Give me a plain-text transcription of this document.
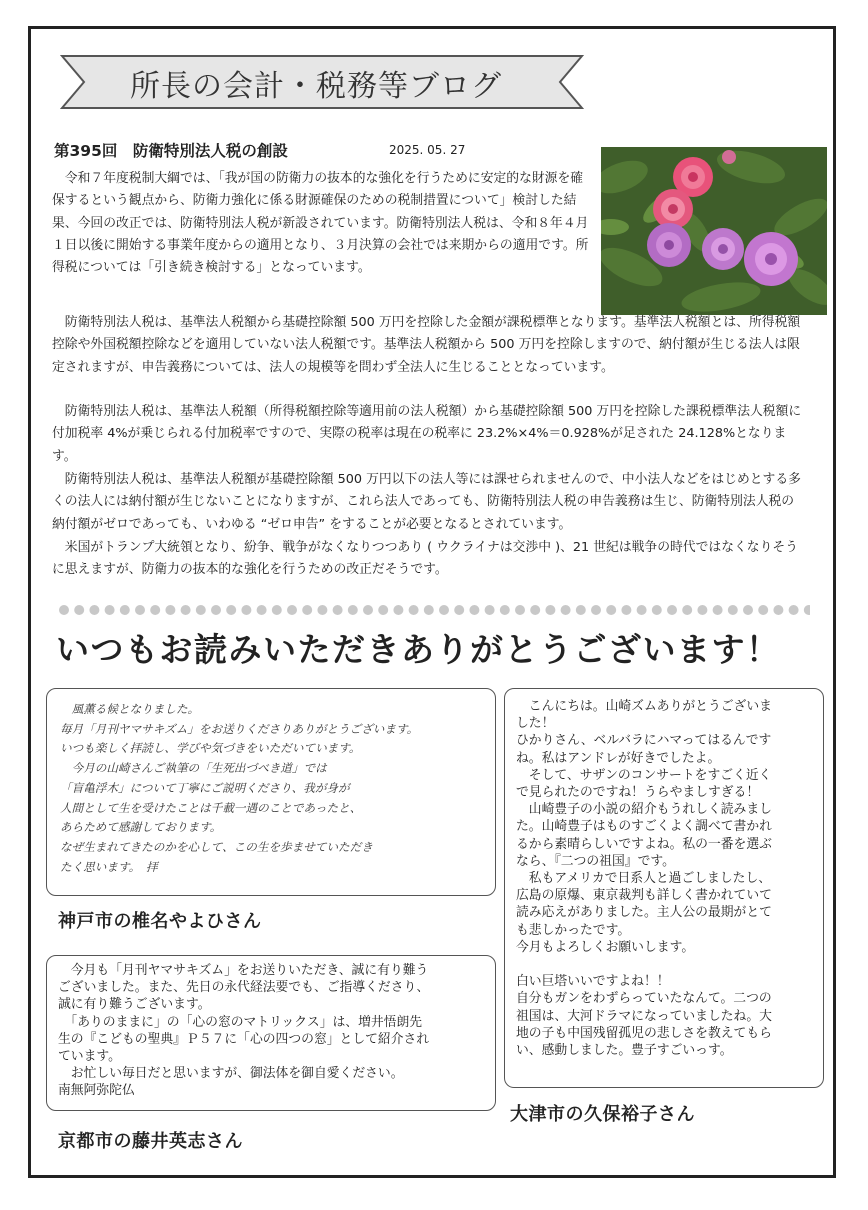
所長の会計・税務等ブログ
第395回　防衛特別法人税の創設	2025. 05. 27

令和７年度税制大綱では、「我が国の防衛力の抜本的な強化を行うために安定的な財源を確保するという観点から、防衛力強化に係る財源確保のための税制措置について」検討した結果、今回の改正では、防衛特別法人税が新設されています。防衛特別法人税は、令和８年４月１日以後に開始する事業年度からの適用となり、３月決算の会社では来期からの適用です。所得税については「引き続き検討する」となっています。

防衛特別法人税は、基準法人税額から基礎控除額 500 万円を控除した金額が課税標準となります。基準法人税額とは、所得税額控除や外国税額控除などを適用していない法人税額です。基準法人税額から 500 万円を控除しますので、納付額が生じる法人は限定されますが、申告義務については、法人の規模等を問わず全法人に生じることとなっています。

防衛特別法人税は、基準法人税額（所得税額控除等適用前の法人税額）から基礎控除額 500 万円を控除した課税標準法人税額に付加税率 4%が乗じられる付加税率ですので、実際の税率は現在の税率に 23.2%×4%＝0.928%が足された 24.128%となります。

防衛特別法人税は、基準法人税額が基礎控除額 500 万円以下の法人等には課せられませんので、中小法人などをはじめとする多くの法人には納付額が生じないことになりますが、これら法人であっても、防衛特別法人税の申告義務は生じ、防衛特別法人税の納付額がゼロであっても、いわゆる “ゼロ申告” をすることが必要となるとされています。

米国がトランプ大統領となり、紛争、戦争がなくなりつつあり ( ウクライナは交渉中 )、21 世紀は戦争の時代ではなくなりそうに思えますが、防衛力の抜本的な強化を行うための改正だそうです。

いつもお読みいただきありがとうございます！

　風薫る候となりました。

毎月「月刊ヤマサキズム」をお送りくださりありがとうございます。

いつも楽しく拝読し、学びや気づきをいただいています。

　今月の山崎さんご執筆の「生死出づべき道」では

「盲亀浮木」について丁寧にご説明くださり、我が身が

人間として生を受けたことは千載一遇のことであったと、

あらためて感謝しております。

なぜ生まれてきたのかを心して、この生を歩ませていただき

たく思います。　拝

神戸市の椎名やよひさん

　今月も「月刊ヤマサキズム」をお送りいただき、誠に有り難う

ございました。また、先日の永代経法要でも、ご指導くださり、

誠に有り難うございます。

　「ありのままに」の「心の窓のマトリックス」は、増井悟朗先

生の『こどもの聖典』Ｐ５７に「心の四つの窓」として紹介され

ています。

　お忙しい毎日だと思いますが、御法体を御自愛ください。

南無阿弥陀仏

京都市の藤井英志さん

　こんにちは。山崎ズムありがとうございま

した！

ひかりさん、ベルバラにハマってはるんです

ね。私はアンドレが好きでしたよ。

　そして、サザンのコンサートをすごく近く

で見られたのですね！うらやましすぎる！

　山崎豊子の小説の紹介もうれしく読みまし

た。山崎豊子はものすごくよく調べて書かれ

るから素晴らしいですよね。私の一番を選ぶ

なら、『二つの祖国』です。

　私もアメリカで日系人と過ごしましたし、

広島の原爆、東京裁判も詳しく書かれていて

読み応えがありました。主人公の最期がとて

も悲しかったです。

今月もよろしくお願いします。

白い巨塔いいですよね！！

自分もガンをわずらっていたなんて。二つの

祖国は、大河ドラマになっていましたね。大

地の子も中国残留孤児の悲しさを教えてもら

い、感動しました。豊子すごいっす。

大津市の久保裕子さん
